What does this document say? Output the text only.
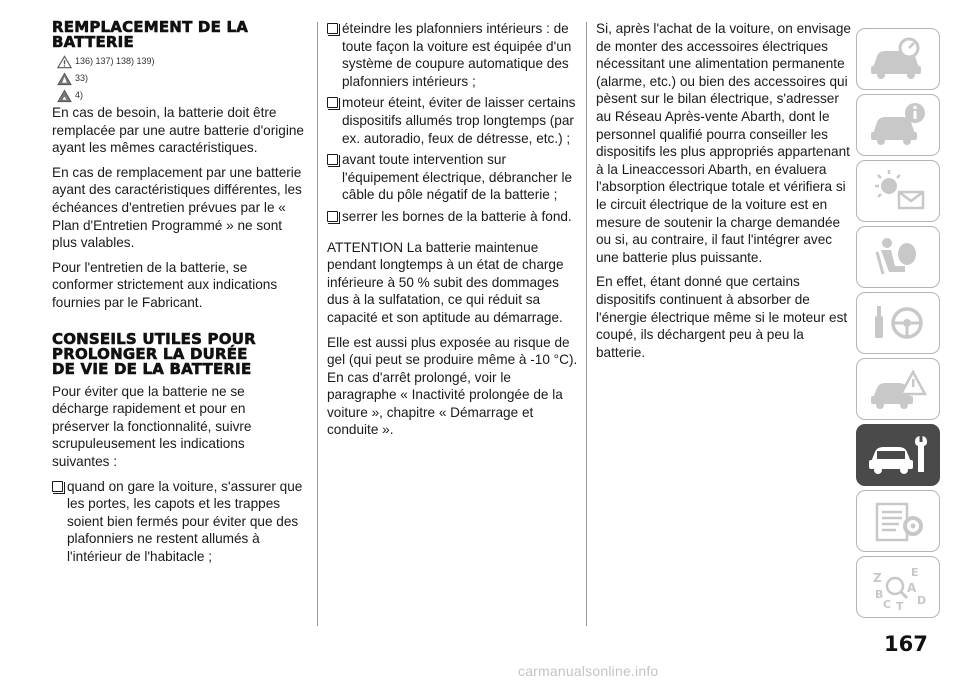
REMPLACEMENT DE LA
BATTERIE
136) 137) 138) 139)
33)
4)

En cas de besoin, la batterie doit être remplacée par une autre batterie d'origine ayant les mêmes caractéristiques.

En cas de remplacement par une batterie ayant des caractéristiques différentes, les échéances d'entretien prévues par le « Plan d'Entretien Programmé » ne sont plus valables.

Pour l'entretien de la batterie, se conformer strictement aux indications fournies par le Fabricant.

CONSEILS UTILES POUR
PROLONGER LA DURÉE
DE VIE DE LA BATTERIE

Pour éviter que la batterie ne se décharge rapidement et pour en préserver la fonctionnalité, suivre scrupuleusement les indications suivantes :

quand on gare la voiture, s'assurer que les portes, les capots et les trappes soient bien fermés pour éviter que des plafonniers ne restent allumés à l'intérieur de l'habitacle ;
éteindre les plafonniers intérieurs : de toute façon la voiture est équipée d'un système de coupure automatique des plafonniers intérieurs ;
moteur éteint, éviter de laisser certains dispositifs allumés trop longtemps (par ex. autoradio, feux de détresse, etc.) ;
avant toute intervention sur l'équipement électrique, débrancher le câble du pôle négatif de la batterie ;
serrer les bornes de la batterie à fond.

ATTENTION La batterie maintenue pendant longtemps à un état de charge inférieure à 50 % subit des dommages dus à la sulfatation, ce qui réduit sa capacité et son aptitude au démarrage.

Elle est aussi plus exposée au risque de gel (qui peut se produire même à -10 °C). En cas d'arrêt prolongé, voir le paragraphe « Inactivité prolongée de la voiture », chapitre « Démarrage et conduite ».

Si, après l'achat de la voiture, on envisage de monter des accessoires électriques nécessitant une alimentation permanente (alarme, etc.) ou bien des accessoires qui pèsent sur le bilan électrique, s'adresser au Réseau Après-vente Abarth, dont le personnel qualifié pourra conseiller les dispositifs les plus appropriés appartenant à la Lineaccessori Abarth, en évaluera l'absorption électrique totale et vérifiera si le circuit électrique de la voiture est en mesure de soutenir la charge demandée ou si, au contraire, il faut l'intégrer avec une batterie plus puissante.

En effet, étant donné que certains dispositifs continuent à absorber de l'énergie électrique même si le moteur est coupé, ils déchargent peu à peu la batterie.

Z	E
A
B
C T D
167
carmanualsonline.info
